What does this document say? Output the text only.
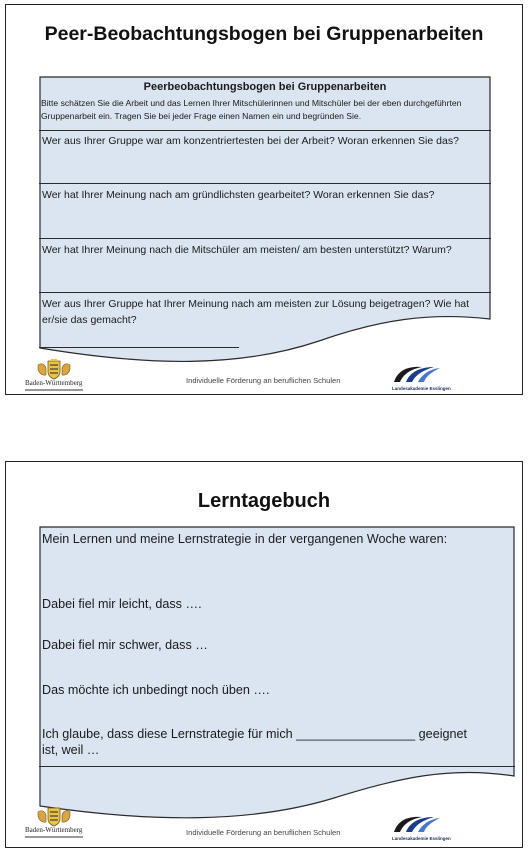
Peer-Beobachtungsbogen bei Gruppenarbeiten
Peerbeobachtungsbogen bei Gruppenarbeiten
Bitte schätzen Sie die Arbeit und das Lernen Ihrer Mitschülerinnen und Mitschüler bei der eben durchgeführten Gruppenarbeit ein. Tragen Sie bei jeder Frage einen Namen ein und begründen Sie.
Wer aus Ihrer Gruppe war am konzentriertesten bei der Arbeit? Woran erkennen Sie das?
Wer hat Ihrer Meinung nach am gründlichsten gearbeitet? Woran erkennen Sie das?
Wer hat Ihrer Meinung nach die Mitschüler am meisten/ am besten unterstützt? Warum?
Wer aus Ihrer Gruppe hat Ihrer Meinung nach am meisten zur Lösung beigetragen? Wie hat er/sie das gemacht?
Baden-Württemberg	Individuelle Förderung an beruflichen Schulen
Landesakademie Esslingen
Lerntagebuch
Mein Lernen und meine Lernstrategie in der vergangenen Woche waren:
Dabei fiel mir leicht, dass ….
Dabei fiel mir schwer, dass …
Das möchte ich unbedingt noch üben ….
Ich glaube, dass diese Lernstrategie für mich _________________ geeignet ist, weil …
Baden-Württemberg	Individuelle Förderung an beruflichen Schulen
Landesakademie Esslingen
